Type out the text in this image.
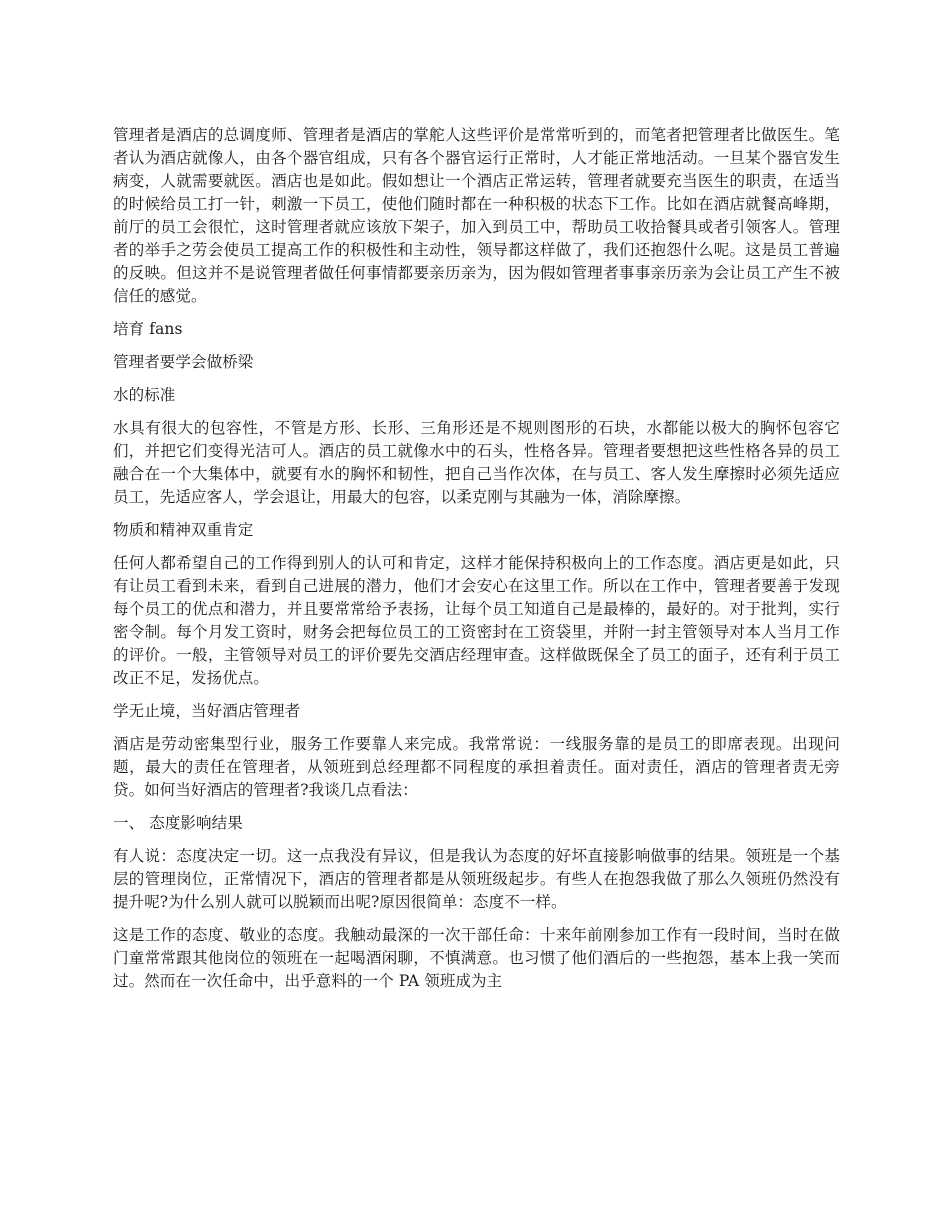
管理者是酒店的总调度师、管理者是酒店的掌舵人这些评价是常常听到的，而笔者把管理者比做医生。笔者认为酒店就像人，由各个器官组成，只有各个器官运行正常时，人才能正常地活动。一旦某个器官发生病变，人就需要就医。酒店也是如此。假如想让一个酒店正常运转，管理者就要充当医生的职责，在适当的时候给员工打一针，刺激一下员工，使他们随时都在一种积极的状态下工作。比如在酒店就餐高峰期，前厅的员工会很忙，这时管理者就应该放下架子，加入到员工中，帮助员工收拾餐具或者引领客人。管理者的举手之劳会使员工提高工作的积极性和主动性，领导都这样做了，我们还抱怨什么呢。这是员工普遍的反映。但这并不是说管理者做任何事情都要亲历亲为，因为假如管理者事事亲历亲为会让员工产生不被信任的感觉。

培育 fans

管理者要学会做桥梁

水的标准

水具有很大的包容性，不管是方形、长形、三角形还是不规则图形的石块，水都能以极大的胸怀包容它们，并把它们变得光洁可人。酒店的员工就像水中的石头，性格各异。管理者要想把这些性格各异的员工融合在一个大集体中，就要有水的胸怀和韧性，把自己当作次体，在与员工、客人发生摩擦时必须先适应员工，先适应客人，学会退让，用最大的包容，以柔克刚与其融为一体，消除摩擦。

物质和精神双重肯定

任何人都希望自己的工作得到别人的认可和肯定，这样才能保持积极向上的工作态度。酒店更是如此，只有让员工看到未来，看到自己进展的潜力，他们才会安心在这里工作。所以在工作中，管理者要善于发现每个员工的优点和潜力，并且要常常给予表扬，让每个员工知道自己是最棒的，最好的。对于批判，实行密令制。每个月发工资时，财务会把每位员工的工资密封在工资袋里，并附一封主管领导对本人当月工作的评价。一般，主管领导对员工的评价要先交酒店经理审查。这样做既保全了员工的面子，还有利于员工改正不足，发扬优点。

学无止境，当好酒店管理者

酒店是劳动密集型行业，服务工作要靠人来完成。我常常说：一线服务靠的是员工的即席表现。出现问题，最大的责任在管理者，从领班到总经理都不同程度的承担着责任。面对责任，酒店的管理者责无旁贷。如何当好酒店的管理者?我谈几点看法：

一、 态度影响结果

有人说：态度决定一切。这一点我没有异议，但是我认为态度的好坏直接影响做事的结果。领班是一个基层的管理岗位，正常情况下，酒店的管理者都是从领班级起步。有些人在抱怨我做了那么久领班仍然没有提升呢?为什么别人就可以脱颖而出呢?原因很简单：态度不一样。

这是工作的态度、敬业的态度。我触动最深的一次干部任命：十来年前刚参加工作有一段时间，当时在做门童常常跟其他岗位的领班在一起喝酒闲聊，不慎满意。也习惯了他们酒后的一些抱怨，基本上我一笑而过。然而在一次任命中，出乎意料的一个 PA 领班成为主
